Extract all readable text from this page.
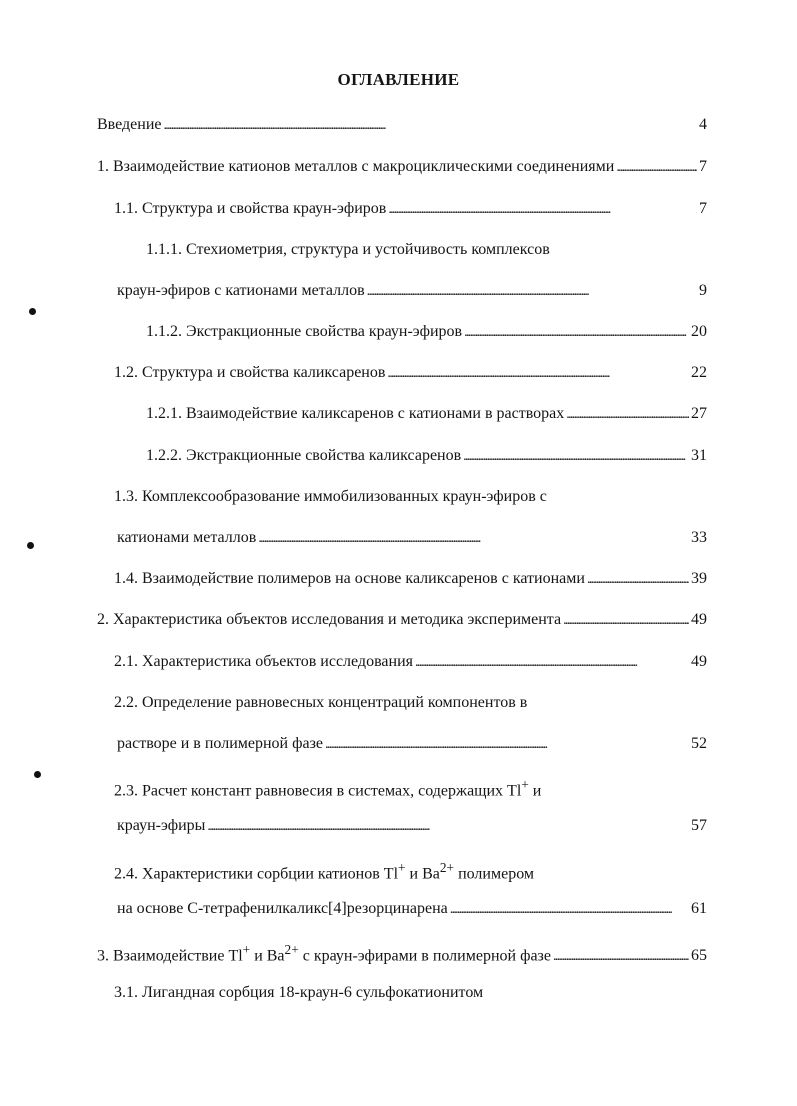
ОГЛАВЛЕНИЕ
Введение . . .	4
1. Взаимодействие катионов металлов с макроциклическими соединениями . . .	7
1.1. Структура и свойства краун-эфиров . . .	7
1.1.1. Стехиометрия, структура и устойчивость комплексов
краун-эфиров с катионами металлов . . .	9
1.1.2. Экстракционные свойства краун-эфиров . . .	20
1.2. Структура и свойства каликсаренов . . .	22
1.2.1. Взаимодействие каликсаренов с катионами в растворах . . .	27
1.2.2. Экстракционные свойства каликсаренов . . .	31
1.3. Комплексообразование иммобилизованных краун-эфиров с
катионами металлов . . .	33
1.4. Взаимодействие полимеров на основе каликсаренов с катионами . . .	39
2. Характеристика объектов исследования и методика эксперимента . . .	49
2.1. Характеристика объектов исследования . . .	49
2.2. Определение равновесных концентраций компонентов в
растворе и в полимерной фазе . . .	52
2.3. Расчет констант равновесия в системах, содержащих Tl+ и
краун-эфиры . . .	57
2.4. Характеристики сорбции катионов Tl+ и $Ba^{2+}$ полимером
на основе С-тетрафенилкаликс[4]резорцинарена . . .	61
3. Взаимодействие Tl+ и $Ba^{2+}$ с краун-эфирами в полимерной фазе . . .	65
3.1. Лигандная сорбция 18-краун-6 сульфокатионитом
